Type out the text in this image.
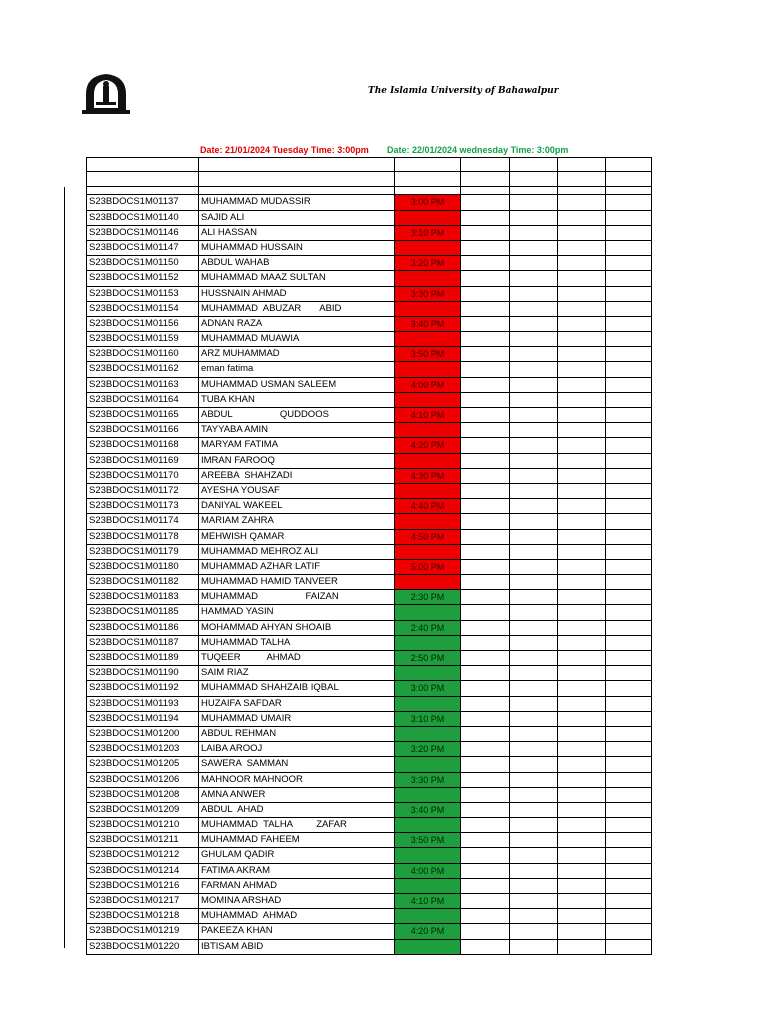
The Islamia University of Bahawalpur
Date: 21/01/2024 Tuesday Time: 3:00pm Date: 22/01/2024 wednesday Time: 3:00pm
S23BDOCS1M01137	MUHAMMAD MUDASSIR	3:00 PM
S23BDOCS1M01140	SAJID ALI
S23BDOCS1M01146	ALI HASSAN	3:10 PM
S23BDOCS1M01147	MUHAMMAD HUSSAIN
S23BDOCS1M01150	ABDUL WAHAB	3:20 PM
S23BDOCS1M01152	MUHAMMAD MAAZ SULTAN
S23BDOCS1M01153	HUSSNAIN AHMAD	3:30 PM
S23BDOCS1M01154	MUHAMMAD  ABUZAR       ABID
S23BDOCS1M01156	ADNAN RAZA	3:40 PM
S23BDOCS1M01159	MUHAMMAD MUAWIA
S23BDOCS1M01160	ARZ MUHAMMAD	3:50 PM
S23BDOCS1M01162	eman fatima
S23BDOCS1M01163	MUHAMMAD USMAN SALEEM	4:00 PM
S23BDOCS1M01164	TUBA KHAN
S23BDOCS1M01165	ABDUL                  QUDDOOS	4:10 PM
S23BDOCS1M01166	TAYYABA AMIN
S23BDOCS1M01168	MARYAM FATIMA	4:20 PM
S23BDOCS1M01169	IMRAN FAROOQ
S23BDOCS1M01170	AREEBA  SHAHZADI	4:30 PM
S23BDOCS1M01172	AYESHA YOUSAF
S23BDOCS1M01173	DANIYAL WAKEEL	4:40 PM
S23BDOCS1M01174	MARIAM ZAHRA
S23BDOCS1M01178	MEHWISH QAMAR	4:50 PM
S23BDOCS1M01179	MUHAMMAD MEHROZ ALI
S23BDOCS1M01180	MUHAMMAD AZHAR LATIF	5:00 PM
S23BDOCS1M01182	MUHAMMAD HAMID TANVEER
S23BDOCS1M01183	MUHAMMAD                  FAIZAN	2:30 PM
S23BDOCS1M01185	HAMMAD YASIN
S23BDOCS1M01186	MOHAMMAD AHYAN SHOAIB	2:40 PM
S23BDOCS1M01187	MUHAMMAD TALHA
S23BDOCS1M01189	TUQEER          AHMAD	2:50 PM
S23BDOCS1M01190	SAIM RIAZ
S23BDOCS1M01192	MUHAMMAD SHAHZAIB IQBAL	3:00 PM
S23BDOCS1M01193	HUZAIFA SAFDAR
S23BDOCS1M01194	MUHAMMAD UMAIR	3:10 PM
S23BDOCS1M01200	ABDUL REHMAN
S23BDOCS1M01203	LAIBA AROOJ	3:20 PM
S23BDOCS1M01205	SAWERA  SAMMAN
S23BDOCS1M01206	MAHNOOR MAHNOOR	3:30 PM
S23BDOCS1M01208	AMNA ANWER
S23BDOCS1M01209	ABDUL  AHAD	3:40 PM
S23BDOCS1M01210	MUHAMMAD  TALHA         ZAFAR
S23BDOCS1M01211	MUHAMMAD FAHEEM	3:50 PM
S23BDOCS1M01212	GHULAM QADIR
S23BDOCS1M01214	FATIMA AKRAM	4:00 PM
S23BDOCS1M01216	FARMAN AHMAD
S23BDOCS1M01217	MOMINA ARSHAD	4:10 PM
S23BDOCS1M01218	MUHAMMAD  AHMAD
S23BDOCS1M01219	PAKEEZA KHAN	4:20 PM
S23BDOCS1M01220	IBTISAM ABID
